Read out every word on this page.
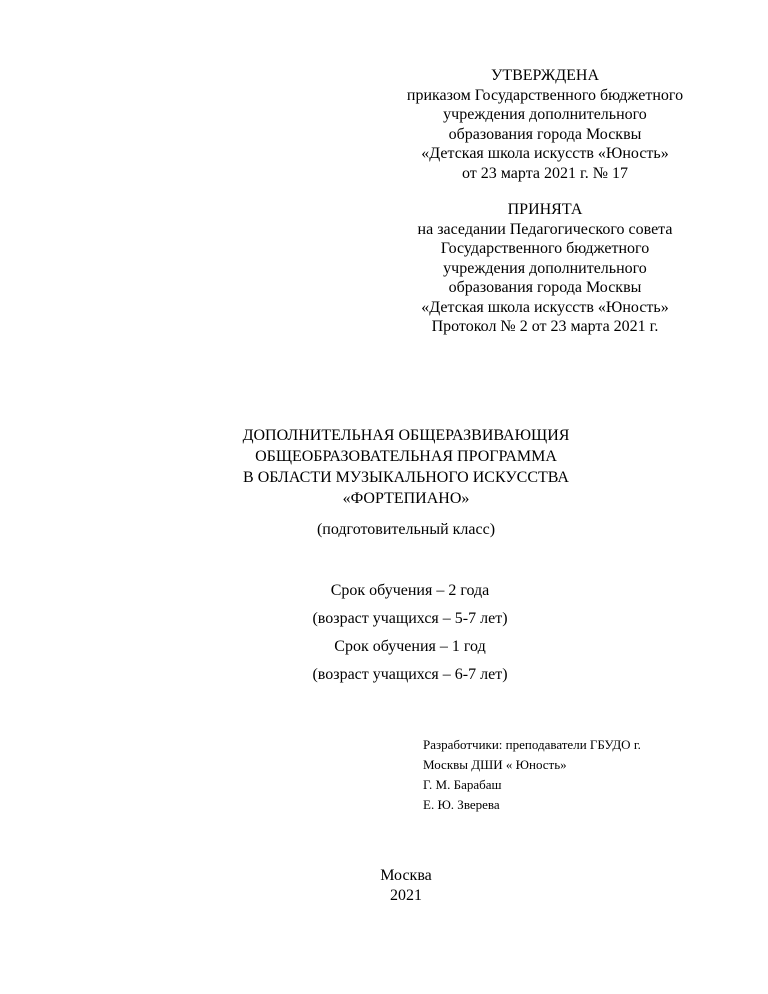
УТВЕРЖДЕНА
приказом Государственного бюджетного
учреждения дополнительного
образования города Москвы
«Детская школа искусств «Юность»
от 23 марта 2021 г. № 17
ПРИНЯТА
на заседании Педагогического совета
Государственного бюджетного
учреждения дополнительного
образования города Москвы
«Детская школа искусств «Юность»
Протокол № 2 от 23 марта 2021 г.
ДОПОЛНИТЕЛЬНАЯ ОБЩЕРАЗВИВАЮЩИЯ
ОБЩЕОБРАЗОВАТЕЛЬНАЯ ПРОГРАММА
В ОБЛАСТИ МУЗЫКАЛЬНОГО ИСКУССТВА
«ФОРТЕПИАНО»
(подготовительный класс)
Срок обучения – 2 года
(возраст учащихся – 5-7 лет)
Срок обучения – 1 год
(возраст учащихся – 6-7 лет)
Разработчики: преподаватели ГБУДО г.
Москвы ДШИ « Юность»
Г. М. Барабаш
Е. Ю. Зверева
Москва
2021
